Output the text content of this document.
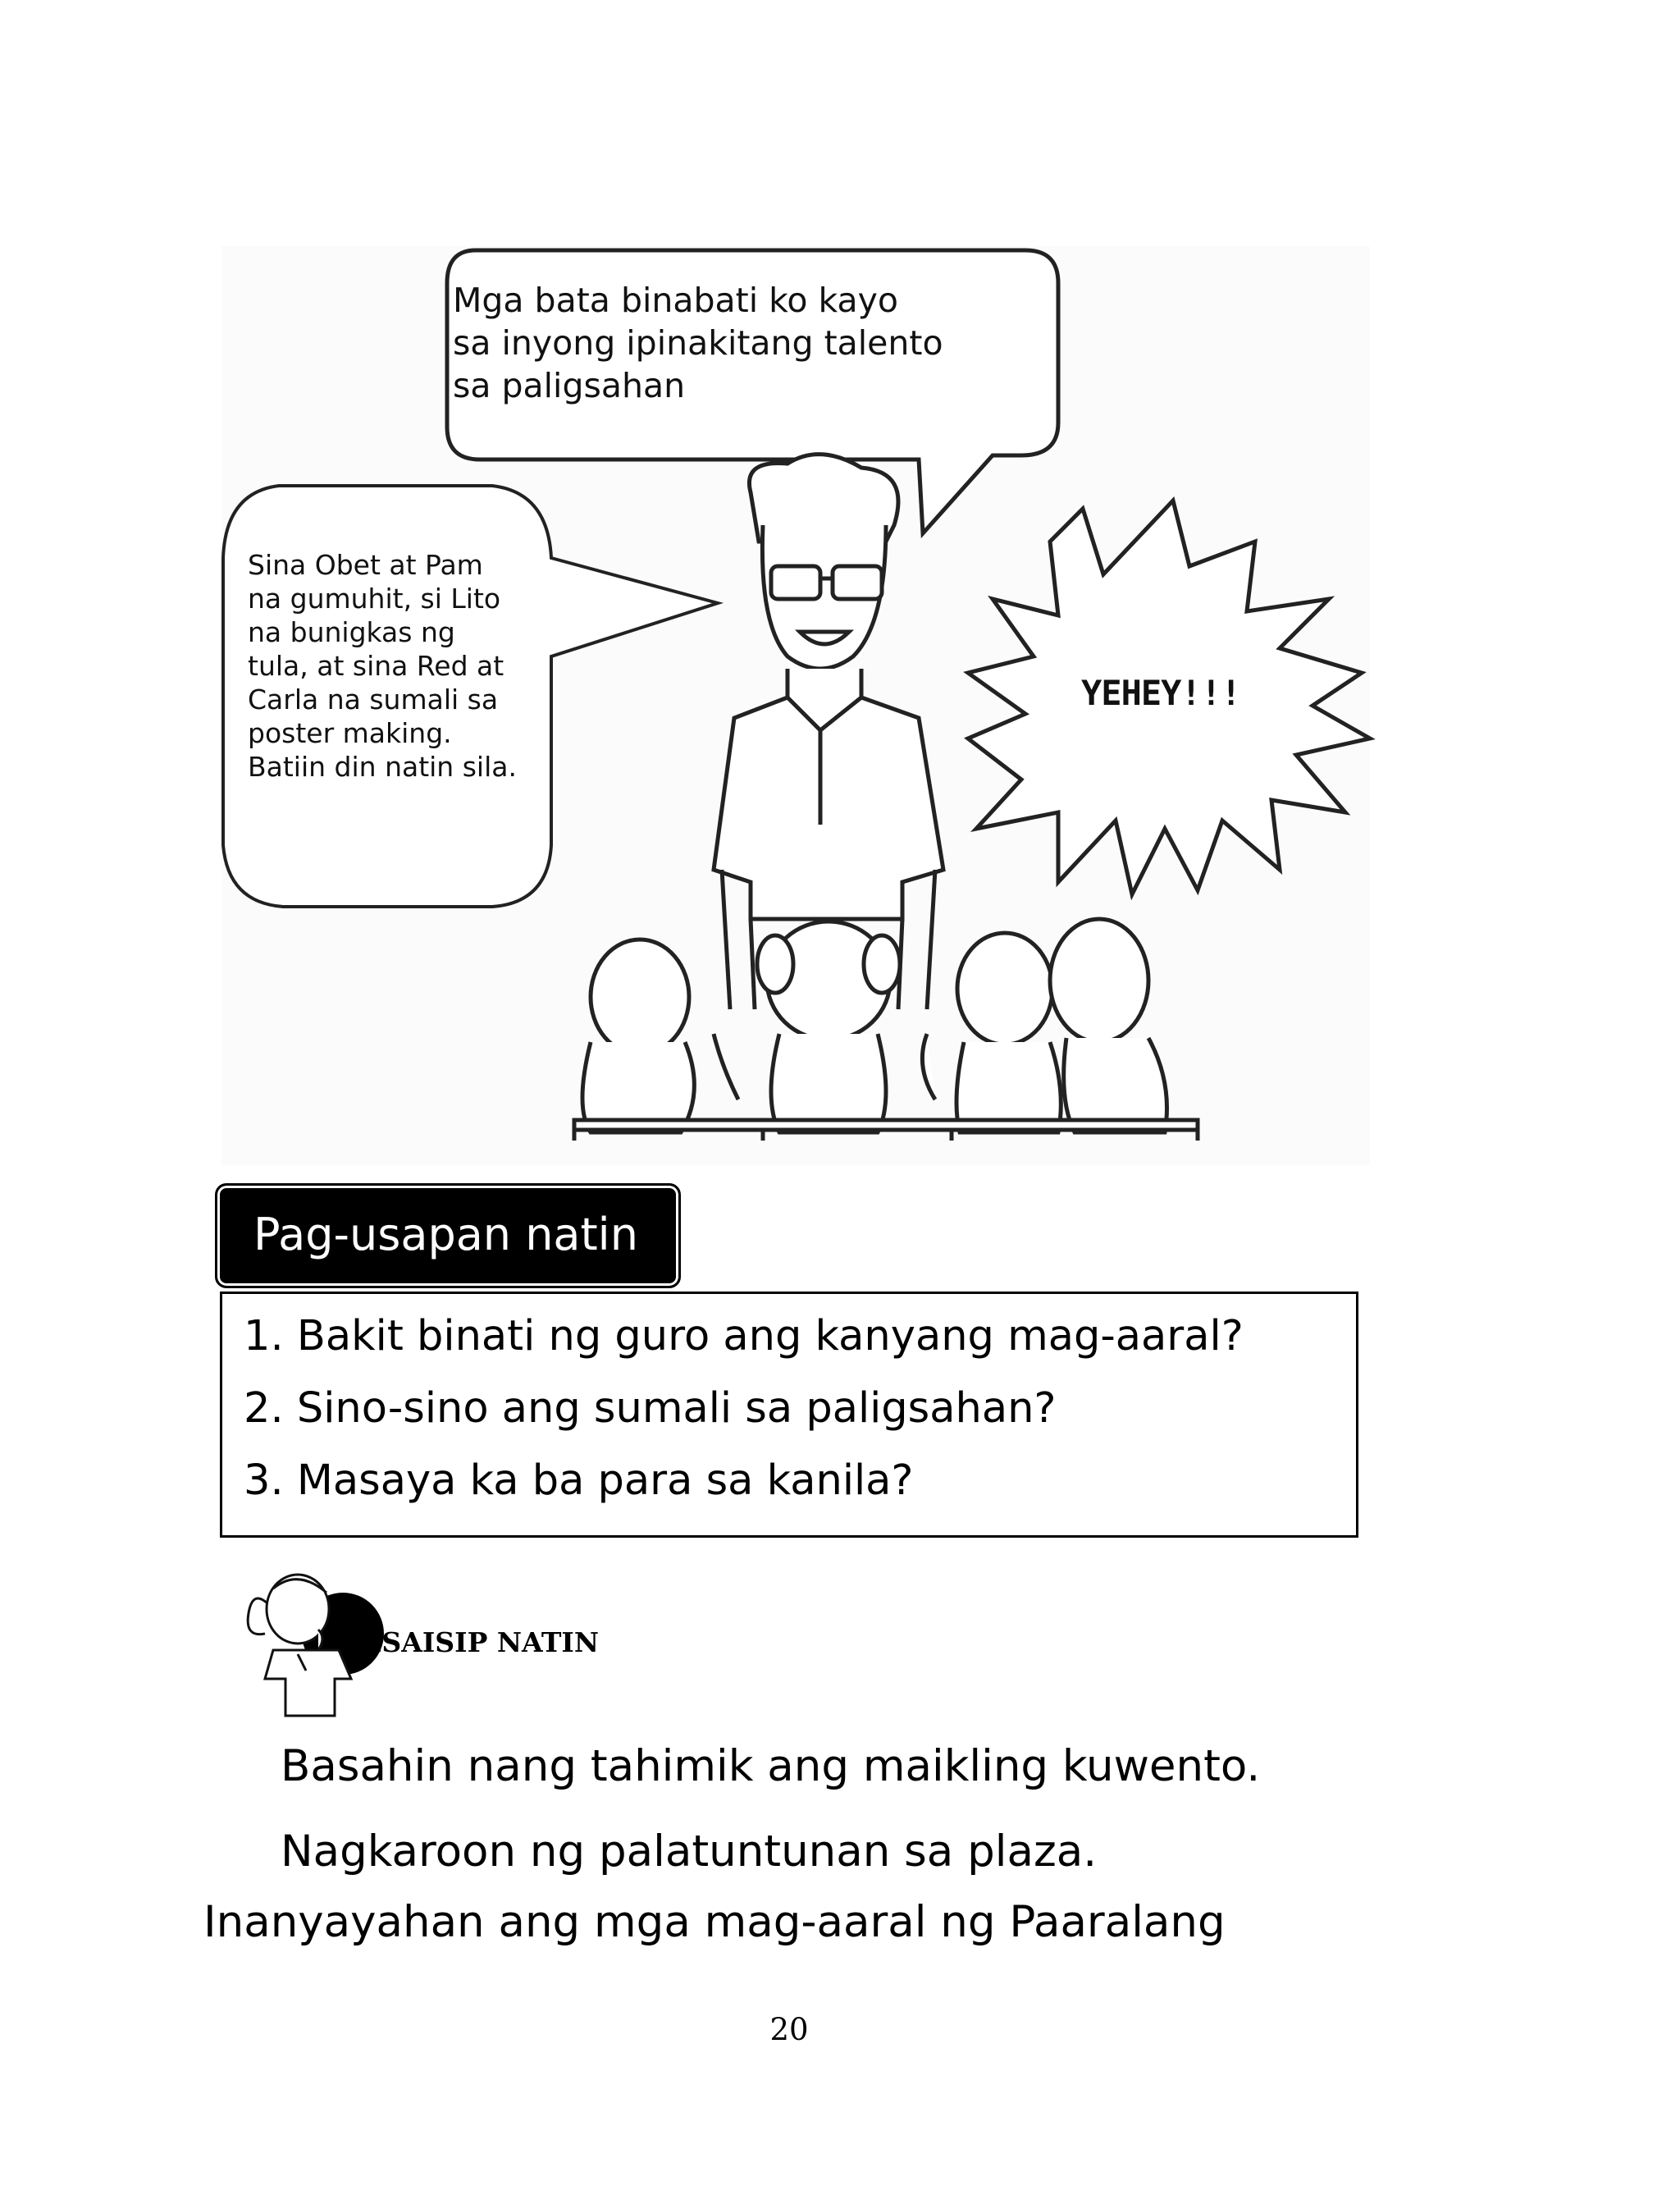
Mga bata binabati ko kayo
sa inyong ipinakitang talento
sa paligsahan
Sina Obet at Pam
na gumuhit, si Lito
na bunigkas ng
tula, at sina Red at
Carla na sumali sa
poster making.
Batiin din natin sila.
YEHEY!!!
Pag-usapan natin
1. Bakit binati ng guro ang kanyang mag-aaral?
2. Sino-sino ang sumali sa paligsahan?
3. Masaya ka ba para sa kanila?
ISAISIP NATIN
Basahin nang tahimik ang maikling kuwento.
Nagkaroon ng palatuntunan sa plaza.
Inanyayahan ang mga mag-aaral ng Paaralang
20
